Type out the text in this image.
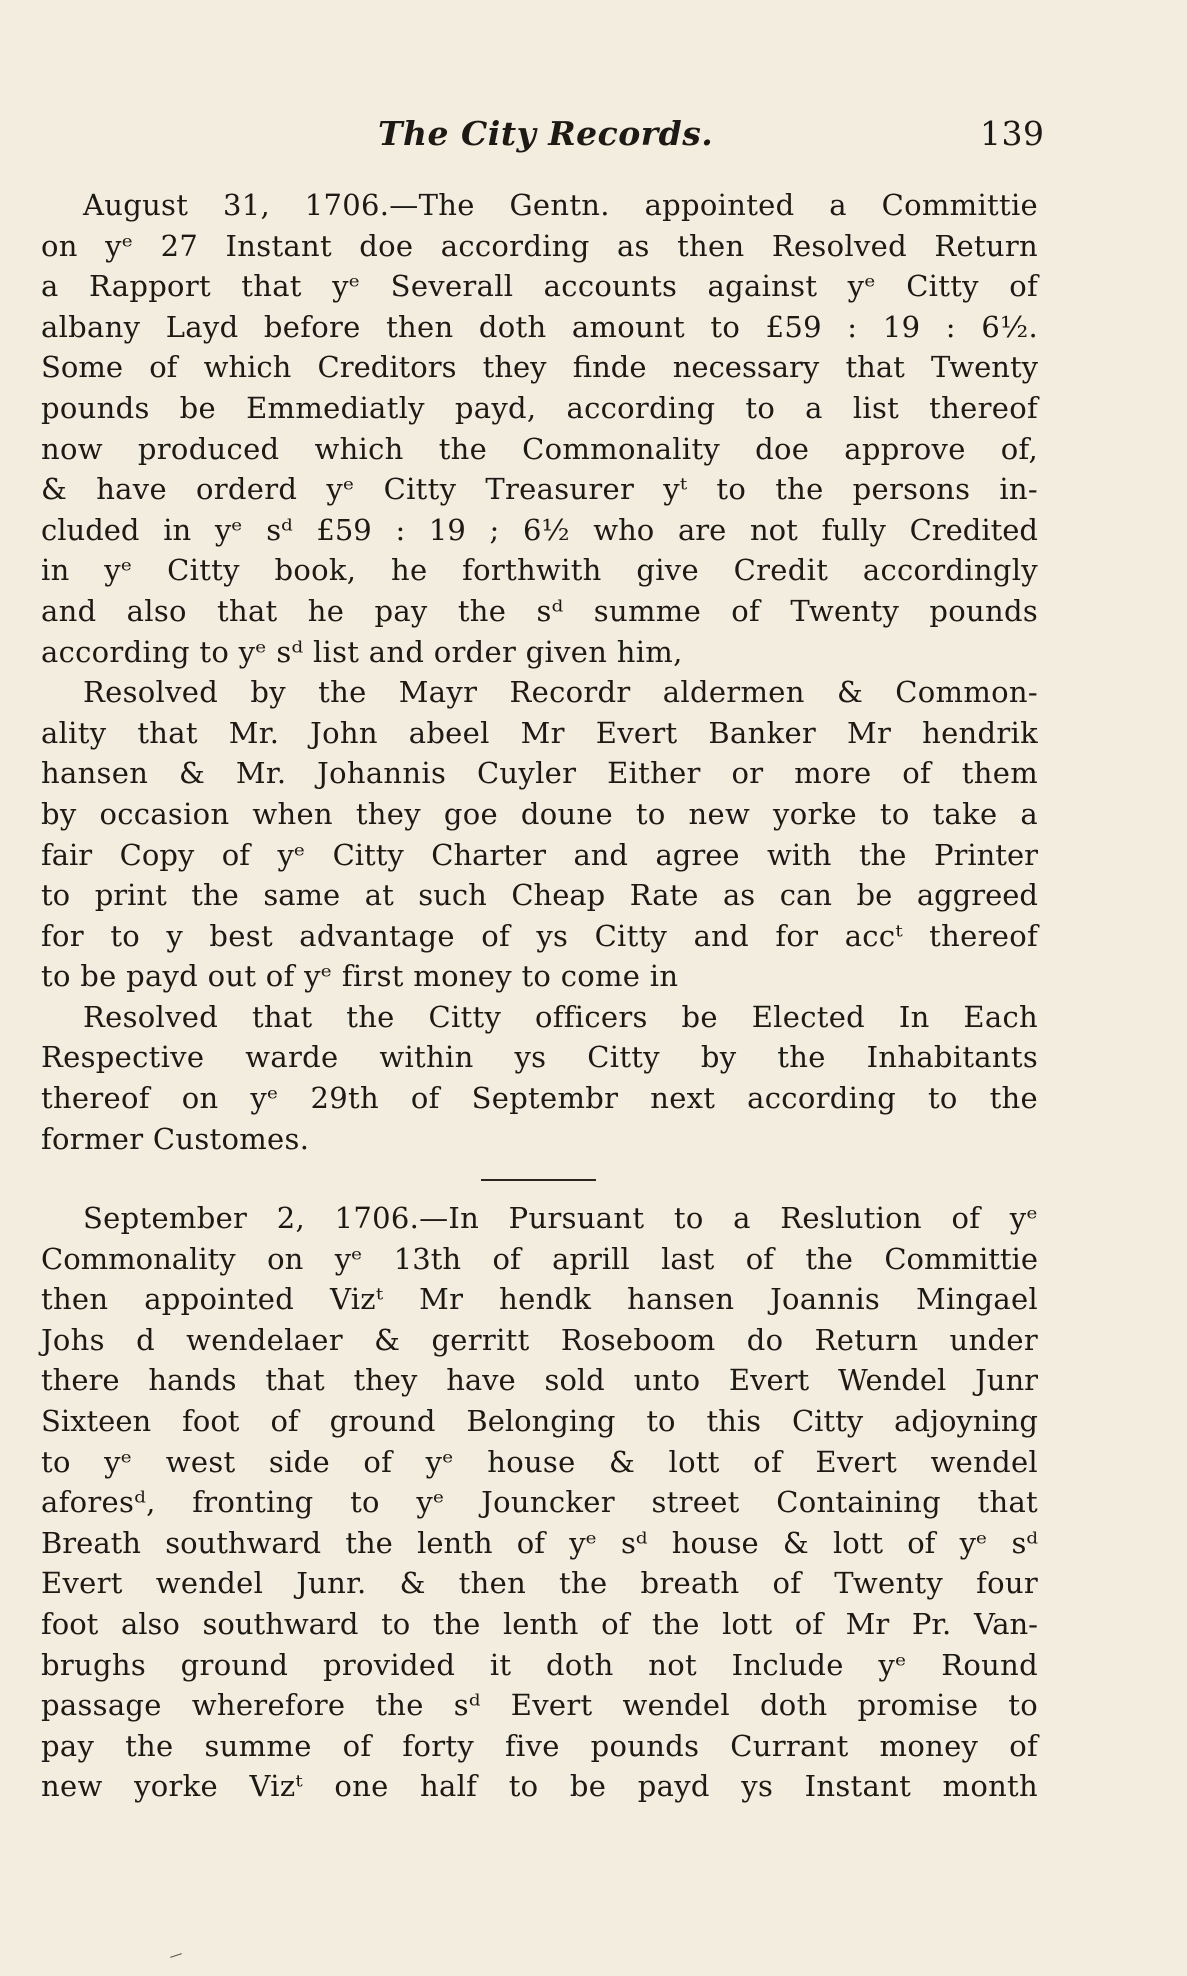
The City Records.	139
August 31, 1706.—The Gentn. appointed a Committie
on yᵉ 27 Instant doe according as then Resolved Return
a Rapport that yᵉ Severall accounts against yᵉ Citty of
albany Layd before then doth amount to £59 : 19 : 6½.
Some of which Creditors they finde necessary that Twenty
pounds be Emmediatly payd, according to a list thereof
now produced which the Commonality doe approve of,
& have orderd yᵉ Citty Treasurer yᵗ to the persons in-
cluded in yᵉ sᵈ £59 : 19 ; 6½ who are not fully Credited
in yᵉ Citty book, he forthwith give Credit accordingly
and also that he pay the sᵈ summe of Twenty pounds
according to yᵉ sᵈ list and order given him,
Resolved by the Mayr Recordr aldermen & Common-
ality that Mr. John abeel Mr Evert Banker Mr hendrik
hansen & Mr. Johannis Cuyler Either or more of them
by occasion when they goe doune to new yorke to take a
fair Copy of yᵉ Citty Charter and agree with the Printer
to print the same at such Cheap Rate as can be aggreed
for to y best advantage of ys Citty and for accᵗ thereof
to be payd out of yᵉ first money to come in
Resolved that the Citty officers be Elected In Each
Respective warde within ys Citty by the Inhabitants
thereof on yᵉ 29th of Septembr next according to the
former Customes.
September 2, 1706.—In Pursuant to a Reslution of yᵉ
Commonality on yᵉ 13th of aprill last of the Committie
then appointed Vizᵗ Mr hendk hansen Joannis Mingael
Johs d wendelaer & gerritt Roseboom do Return under
there hands that they have sold unto Evert Wendel Junr
Sixteen foot of ground Belonging to this Citty adjoyning
to yᵉ west side of yᵉ house & lott of Evert wendel
aforesᵈ, fronting to yᵉ Jouncker street Containing that
Breath southward the lenth of yᵉ sᵈ house & lott of yᵉ sᵈ
Evert wendel Junr. & then the breath of Twenty four
foot also southward to the lenth of the lott of Mr Pr. Van-
brughs ground provided it doth not Include yᵉ Round
passage wherefore the sᵈ Evert wendel doth promise to
pay the summe of forty five pounds Currant money of
new yorke Vizᵗ one half to be payd ys Instant month
